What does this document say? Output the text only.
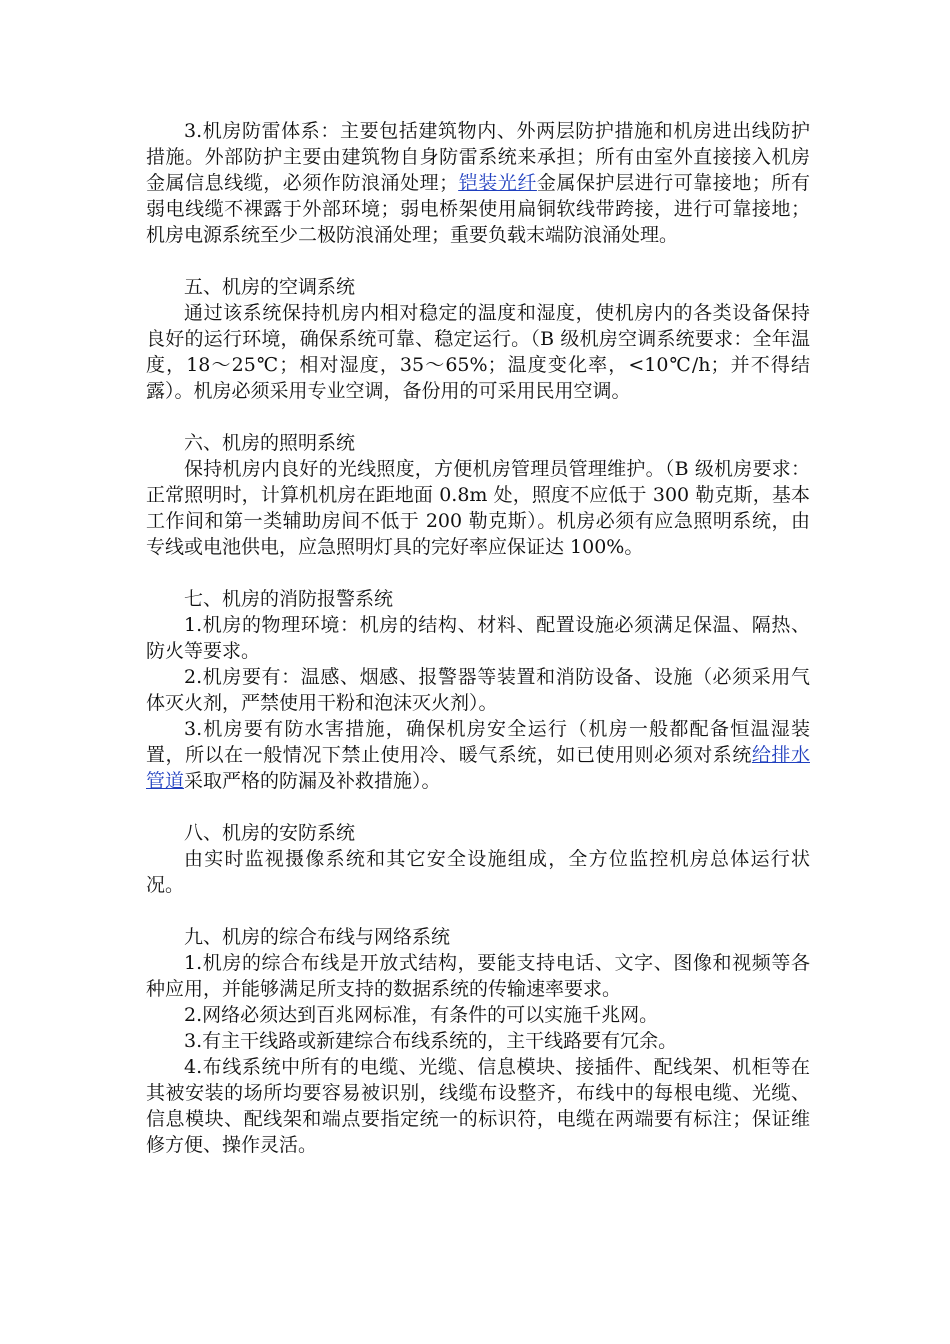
3.机房防雷体系：主要包括建筑物内、外两层防护措施和机房进出线防护措施。外部防护主要由建筑物自身防雷系统来承担；所有由室外直接接入机房金属信息线缆，必须作防浪涌处理；铠装光纤金属保护层进行可靠接地；所有弱电线缆不裸露于外部环境；弱电桥架使用扁铜软线带跨接，进行可靠接地；机房电源系统至少二极防浪涌处理；重要负载末端防浪涌处理。

五、机房的空调系统

通过该系统保持机房内相对稳定的温度和湿度，使机房内的各类设备保持良好的运行环境，确保系统可靠、稳定运行。（B 级机房空调系统要求：全年温度，18～25℃；相对湿度，35～65%；温度变化率，<10℃/h；并不得结露）。机房必须采用专业空调，备份用的可采用民用空调。

六、机房的照明系统

保持机房内良好的光线照度，方便机房管理员管理维护。（B 级机房要求：正常照明时，计算机机房在距地面 0.8m 处，照度不应低于 300 勒克斯，基本工作间和第一类辅助房间不低于 200 勒克斯）。机房必须有应急照明系统，由专线或电池供电，应急照明灯具的完好率应保证达 100%。

七、机房的消防报警系统

1.机房的物理环境：机房的结构、材料、配置设施必须满足保温、隔热、防火等要求。

2.机房要有：温感、烟感、报警器等装置和消防设备、设施（必须采用气体灭火剂，严禁使用干粉和泡沫灭火剂）。

3.机房要有防水害措施，确保机房安全运行（机房一般都配备恒温湿装置，所以在一般情况下禁止使用冷、暖气系统，如已使用则必须对系统给排水管道采取严格的防漏及补救措施）。

八、机房的安防系统

由实时监视摄像系统和其它安全设施组成，全方位监控机房总体运行状况。

九、机房的综合布线与网络系统

1.机房的综合布线是开放式结构，要能支持电话、文字、图像和视频等各种应用，并能够满足所支持的数据系统的传输速率要求。

2.网络必须达到百兆网标准，有条件的可以实施千兆网。

3.有主干线路或新建综合布线系统的，主干线路要有冗余。

4.布线系统中所有的电缆、光缆、信息模块、接插件、配线架、机柜等在其被安装的场所均要容易被识别，线缆布设整齐，布线中的每根电缆、光缆、信息模块、配线架和端点要指定统一的标识符，电缆在两端要有标注；保证维修方便、操作灵活。
